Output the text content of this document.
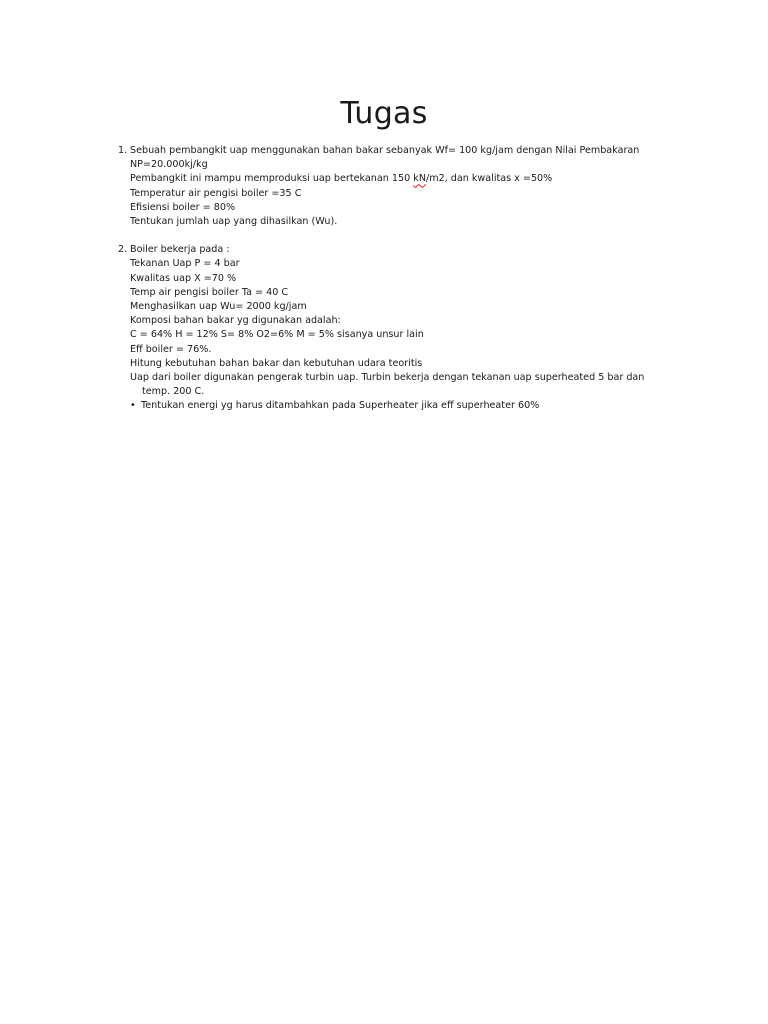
Tugas
1. Sebuah pembangkit uap menggunakan bahan bakar sebanyak Wf= 100 kg/jam dengan Nilai Pembakaran
NP=20.000kj/kg
Pembangkit ini mampu memproduksi uap bertekanan 150 kN/m2, dan kwalitas x =50%
Temperatur air pengisi boiler =35 C
Efisiensi boiler = 80%
Tentukan jumlah uap yang dihasilkan (Wu).
2. Boiler bekerja pada :
Tekanan Uap P = 4 bar
Kwalitas uap X =70 %
Temp air pengisi boiler Ta = 40 C
Menghasilkan uap Wu= 2000 kg/jam
Komposi bahan bakar yg digunakan adalah:
C = 64% H = 12% S= 8% O2=6% M = 5% sisanya unsur lain
Eff boiler = 76%.
Hitung kebutuhan bahan bakar dan kebutuhan udara teoritis
Uap dari boiler digunakan pengerak turbin uap. Turbin bekerja dengan tekanan uap superheated 5 bar dan
temp. 200 C.
• Tentukan energi yg harus ditambahkan pada Superheater jika eff superheater 60%
